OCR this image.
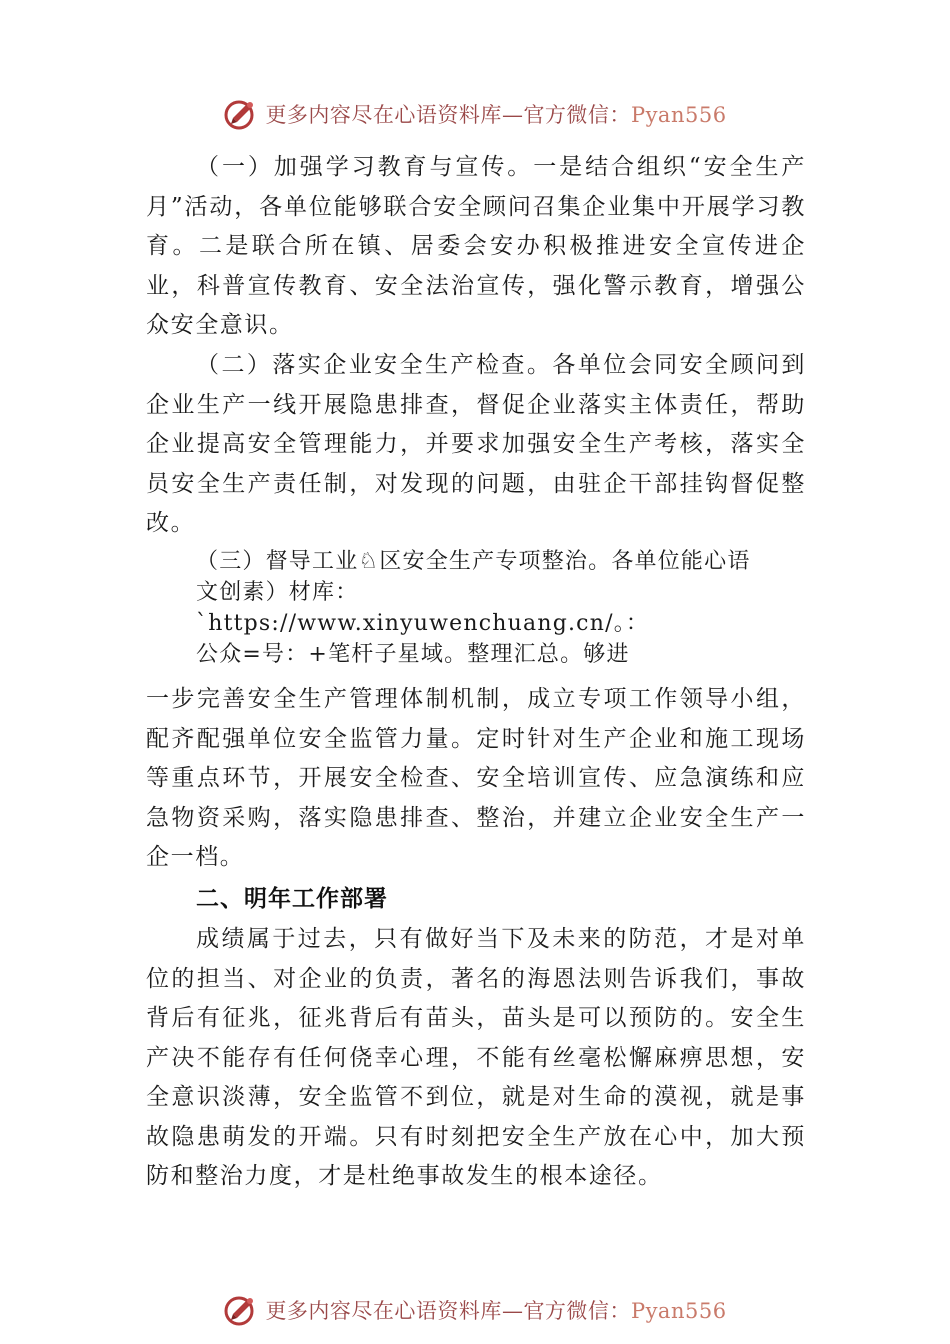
更多内容尽在心语资料库—官方微信：Pyan556

（一）加强学习教育与宣传。一是结合组织“安全生产月”活动，各单位能够联合安全顾问召集企业集中开展学习教育。二是联合所在镇、居委会安办积极推进安全宣传进企业，科普宣传教育、安全法治宣传，强化警示教育，增强公众安全意识。

（二）落实企业安全生产检查。各单位会同安全顾问到企业生产一线开展隐患排查，督促企业落实主体责任，帮助企业提高安全管理能力，并要求加强安全生产考核，落实全员安全生产责任制，对发现的问题，由驻企干部挂钩督促整改。

（三）督导工业♘区安全生产专项整治。各单位能心语
文创素）材库：`https://www.xinyuwenchuang.cn/。：
公众=号：+笔杆子星域。整理汇总。够进

一步完善安全生产管理体制机制，成立专项工作领导小组， 配齐配强单位安全监管力量。定时针对生产企业和施工现场等重点环节，开展安全检查、安全培训宣传、应急演练和应急物资采购，落实隐患排查、整治，并建立企业安全生产一企一档。

二、明年工作部署

成绩属于过去，只有做好当下及未来的防范，才是对单位的担当、对企业的负责，著名的海恩法则告诉我们，事故背后有征兆，征兆背后有苗头，苗头是可以预防的。安全生产决不能存有任何侥幸心理，不能有丝毫松懈麻痹思想，安全意识淡薄，安全监管不到位，就是对生命的漠视，就是事故隐患萌发的开端。只有时刻把安全生产放在心中，加大预防和整治力度，才是杜绝事故发生的根本途径。

更多内容尽在心语资料库—官方微信：Pyan556
